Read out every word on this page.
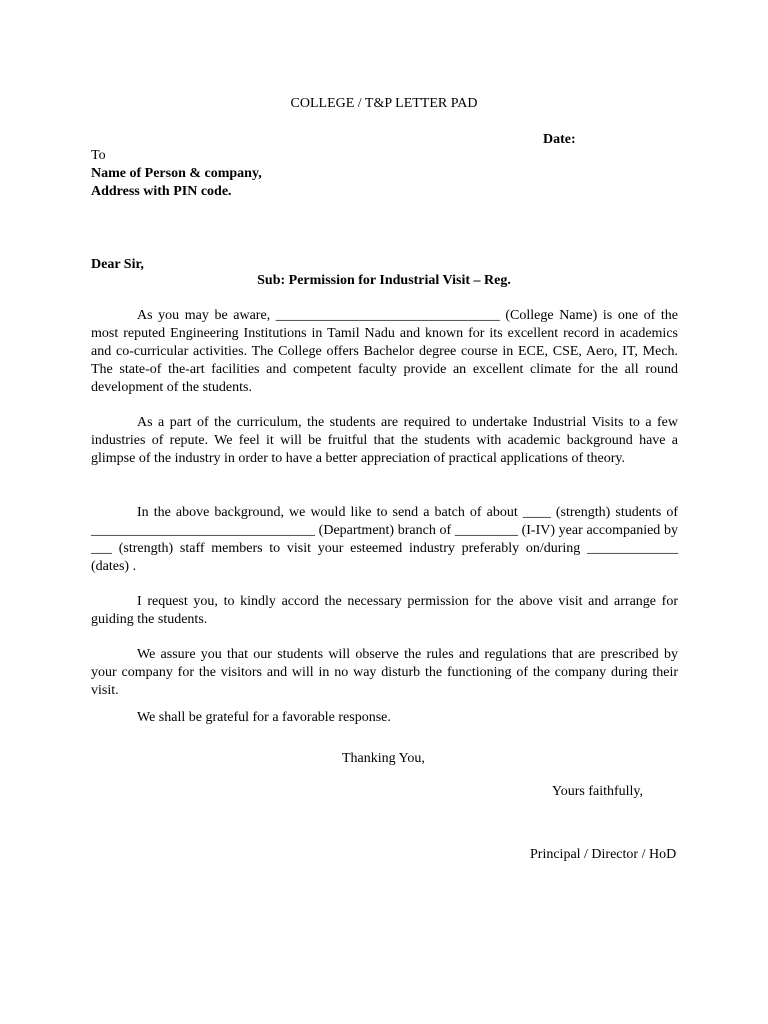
COLLEGE / T&P LETTER PAD
Date:
To
Name of Person & company,
Address with PIN code.
Dear Sir,
Sub: Permission for Industrial Visit – Reg.
As you may be aware, ________________________________ (College Name) is one of the most reputed Engineering Institutions in Tamil Nadu and known for its excellent record in academics and co-curricular activities. The College offers Bachelor degree course in ECE, CSE, Aero, IT, Mech. The state-of the-art facilities and competent faculty provide an excellent climate for the all round development of the students.
As a part of the curriculum, the students are required to undertake Industrial Visits to a few industries of repute. We feel it will be fruitful that the students with academic background have a glimpse of the industry in order to have a better appreciation of practical applications of theory.
In the above background, we would like to send a batch of about ____ (strength) students of ________________________________ (Department) branch of _________ (I-IV) year accompanied by ___ (strength) staff members to visit your esteemed industry preferably on/during _____________ (dates) .
I request you, to kindly accord the necessary permission for the above visit and arrange for guiding the students.
We assure you that our students will observe the rules and regulations that are prescribed by your company for the visitors and will in no way disturb the functioning of the company during their visit.
We shall be grateful for a favorable response.
Thanking You,
Yours faithfully,
Principal / Director / HoD
